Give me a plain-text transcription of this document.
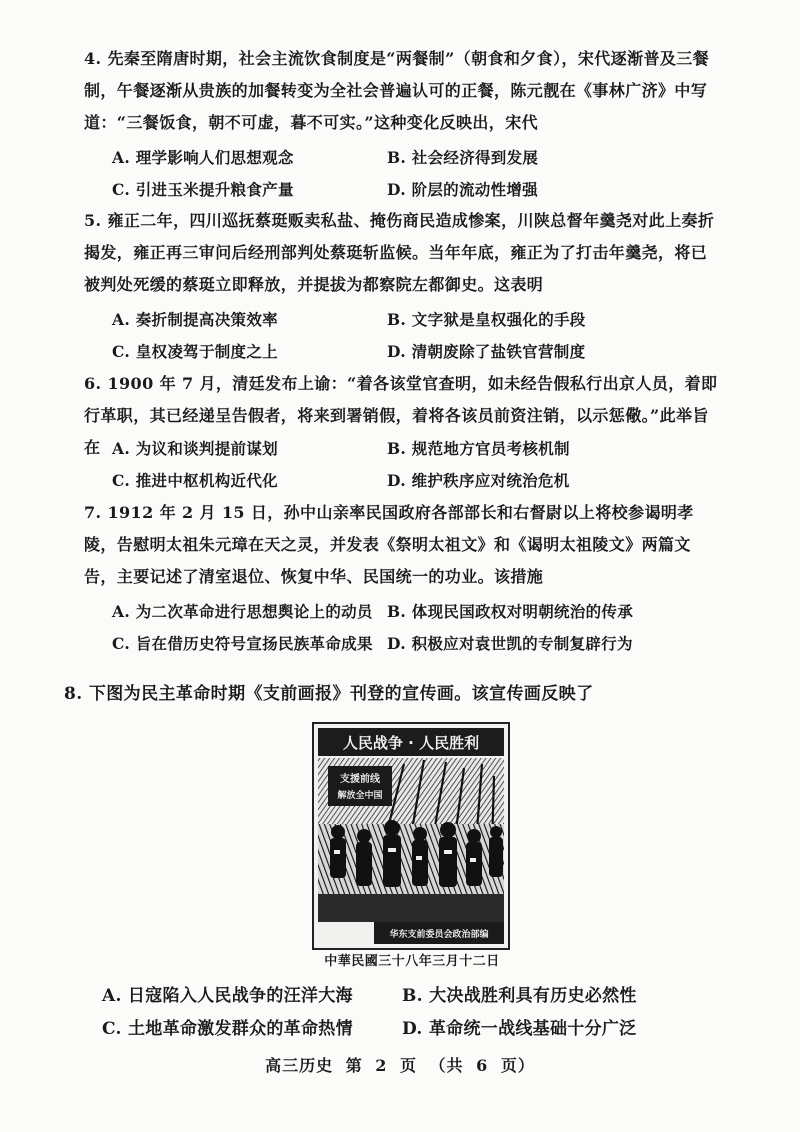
4. 先秦至隋唐时期，社会主流饮食制度是“两餐制”（朝食和夕食），宋代逐渐普及三餐制，午餐逐渐从贵族的加餐转变为全社会普遍认可的正餐，陈元靓在《事林广济》中写道：“三餐饭食，朝不可虚，暮不可实。”这种变化反映出，宋代
A. 理学影响人们思想观念	B. 社会经济得到发展
C. 引进玉米提升粮食产量	D. 阶层的流动性增强
5. 雍正二年，四川巡抚蔡珽贩卖私盐、掩伤商民造成惨案，川陕总督年羹尧对此上奏折揭发，雍正再三审问后经刑部判处蔡珽斩监候。当年年底，雍正为了打击年羹尧，将已被判处死缓的蔡珽立即释放，并提拔为都察院左都御史。这表明
A. 奏折制提高决策效率	B. 文字狱是皇权强化的手段
C. 皇权凌驾于制度之上	D. 清朝废除了盐铁官营制度
6. 1900 年 7 月，清廷发布上谕：“着各该堂官查明，如未经告假私行出京人员，着即行革职，其已经递呈告假者，将来到署销假，着将各该员前资注销，以示惩儆。”此举旨在 A. 为议和谈判提前谋划	B. 规范地方官员考核机制
C. 推进中枢机构近代化	D. 维护秩序应对统治危机
7. 1912 年 2 月 15 日，孙中山亲率民国政府各部部长和右督尉以上将校参谒明孝陵，告慰明太祖朱元璋在天之灵，并发表《祭明太祖文》和《谒明太祖陵文》两篇文告，主要记述了清室退位、恢复中华、民国统一的功业。该措施
A. 为二次革命进行思想舆论上的动员 B. 体现民国政权对明朝统治的传承
C. 旨在借历史符号宣扬民族革命成果 D. 积极应对袁世凯的专制复辟行为
8. 下图为民主革命时期《支前画报》刊登的宣传画。该宣传画反映了
人民战争 · 人民胜利
支援前线
解放全中国
华东支前委员会政治部编
中華民國三十八年三月十二日
A. 日寇陷入人民战争的汪洋大海	B. 大决战胜利具有历史必然性
C. 土地革命激发群众的革命热情	D. 革命统一战线基础十分广泛
高三历史 第 2 页 （共 6 页）
